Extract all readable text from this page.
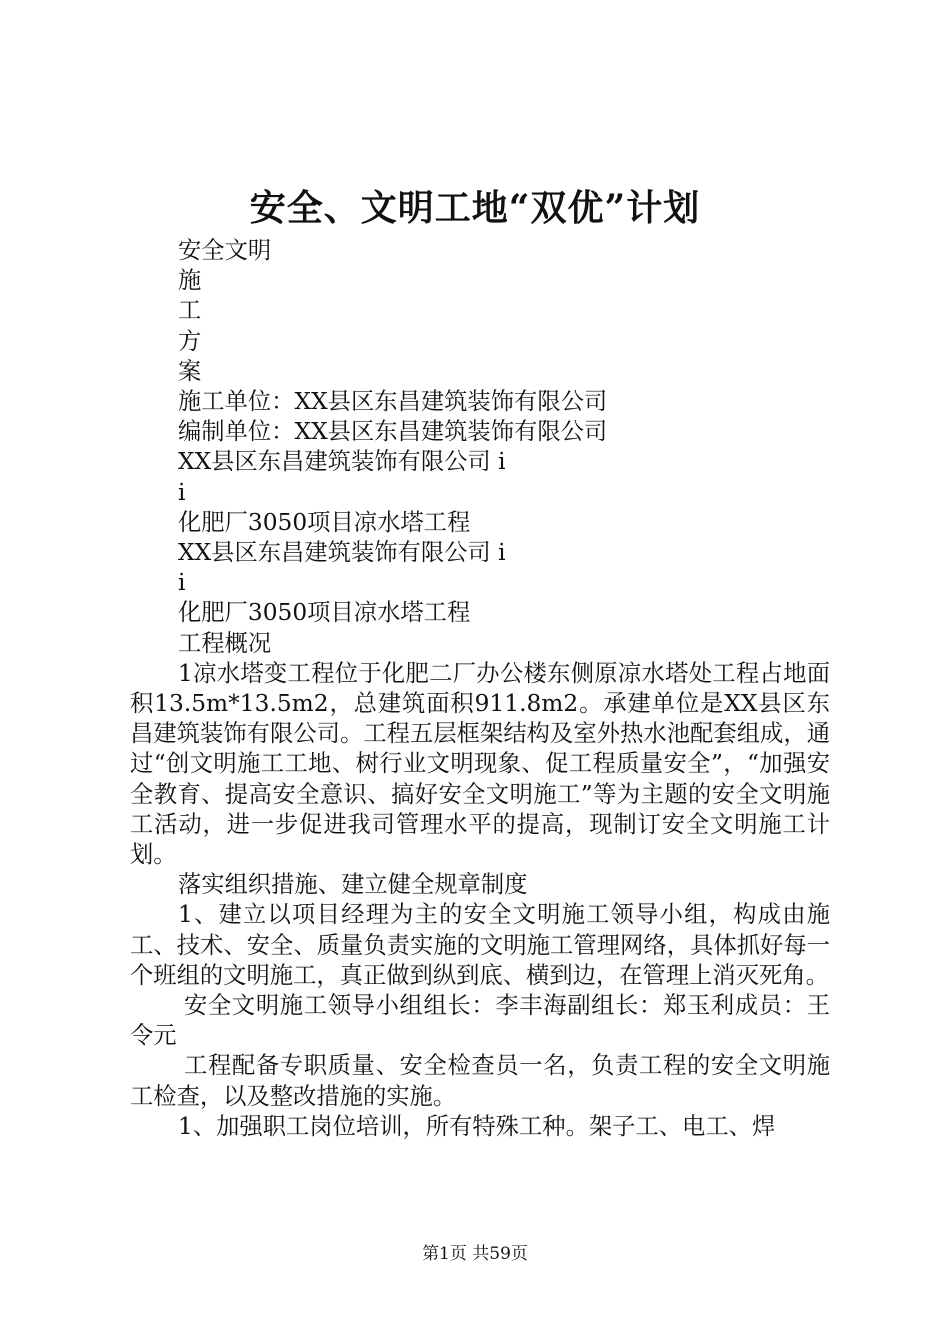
安全、文明工地“双优”计划
安全文明
施
工
方
案
施工单位：XX县区东昌建筑装饰有限公司
编制单位：XX县区东昌建筑装饰有限公司
XX县区东昌建筑装饰有限公司 i
i
化肥厂3050项目凉水塔工程
XX县区东昌建筑装饰有限公司 i
i
化肥厂3050项目凉水塔工程
工程概况
1凉水塔变工程位于化肥二厂办公楼东侧原凉水塔处工程占地面积13.5m*13.5m2，总建筑面积911.8m2。承建单位是XX县区东昌建筑装饰有限公司。工程五层框架结构及室外热水池配套组成，通过“创文明施工工地、树行业文明现象、促工程质量安全”，“加强安全教育、提高安全意识、搞好安全文明施工”等为主题的安全文明施工活动，进一步促进我司管理水平的提高，现制订安全文明施工计划。
落实组织措施、建立健全规章制度
1、建立以项目经理为主的安全文明施工领导小组，构成由施工、技术、安全、质量负责实施的文明施工管理网络，具体抓好每一个班组的文明施工，真正做到纵到底、横到边，在管理上消灭死角。
安全文明施工领导小组组长：李丰海副组长：郑玉利成员：王令元
工程配备专职质量、安全检查员一名，负责工程的安全文明施工检查，以及整改措施的实施。
1、加强职工岗位培训，所有特殊工种。架子工、电工、焊
第1页 共59页
